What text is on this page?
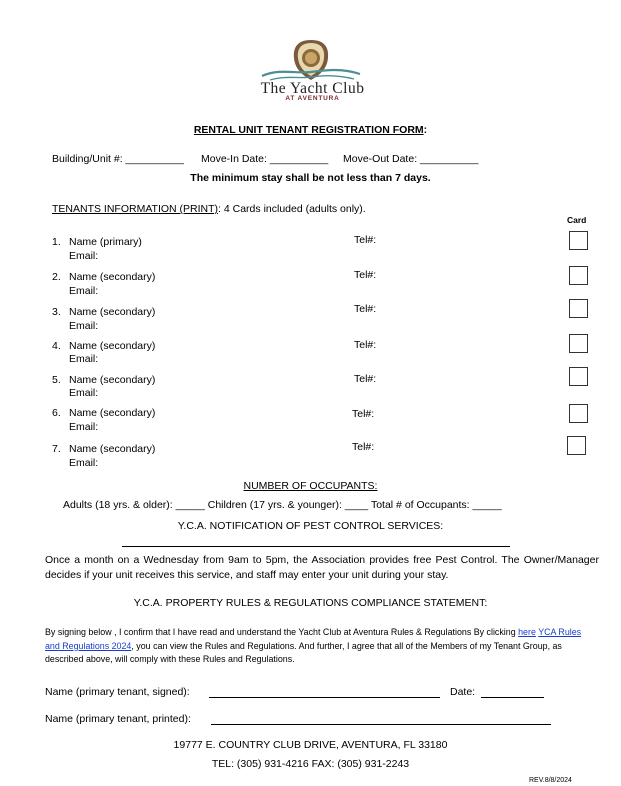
The Yacht Club
AT AVENTURA
RENTAL UNIT TENANT REGISTRATION FORM:
Building/Unit #: __________ Move-In Date: __________ Move-Out Date: __________
The minimum stay shall be not less than 7 days.
TENANTS INFORMATION (PRINT): 4 Cards included (adults only).
Card
1. Name (primary)
Email:
Tel#:
2. Name (secondary)
Email:
Tel#:
3. Name (secondary)
Email:
Tel#:
4. Name (secondary)
Email:
Tel#:
5. Name (secondary)
Email:
Tel#:
6. Name (secondary)
Email:
Tel#:
7. Name (secondary)
Email:
Tel#:
NUMBER OF OCCUPANTS:
Adults (18 yrs. & older): _____ Children (17 yrs. & younger): ____ Total # of Occupants: _____
Y.C.A. NOTIFICATION OF PEST CONTROL SERVICES:
Once a month on a Wednesday from 9am to 5pm, the Association provides free Pest Control. The Owner/Manager decides if your unit receives this service, and staff may enter your unit during your stay.
Y.C.A. PROPERTY RULES & REGULATIONS COMPLIANCE STATEMENT:
By signing below , I confirm that I have read and understand the Yacht Club at Aventura Rules & Regulations By clicking here YCA Rules and Regulations 2024, you can view the Rules and Regulations. And further, I agree that all of the Members of my Tenant Group, as described above, will comply with these Rules and Regulations.
Name (primary tenant, signed):	Date:
Name (primary tenant, printed):
19777 E. COUNTRY CLUB DRIVE, AVENTURA, FL 33180
TEL: (305) 931-4216 FAX: (305) 931-2243
REV.8/8/2024
